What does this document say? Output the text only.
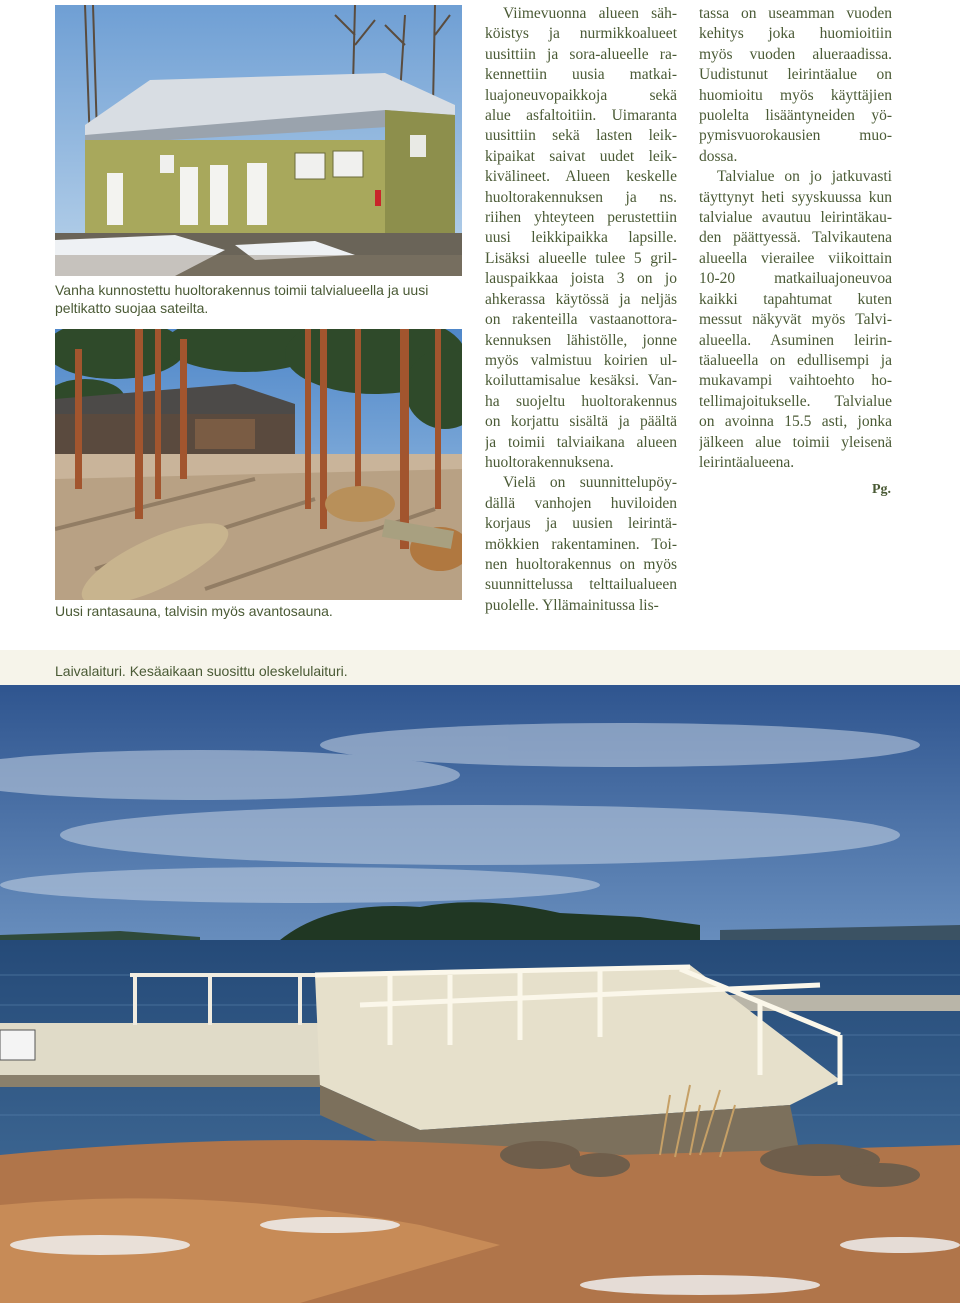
Vanha kunnostettu huoltorakennus toimii talvialueella ja uusi peltikatto suojaa sateilta.
Uusi rantasauna, talvisin myös avantosauna.
Viimevuonna alueen säh-
köistys ja nurmikkoalueet
uusittiin ja sora-alueelle ra-
kennettiin uusia matkai-
luajoneuvopaikkoja sekä
alue asfaltoitiin. Uimaranta
uusittiin sekä lasten leik-
kipaikat saivat uudet leik-
kivälineet. Alueen keskelle
huoltorakennuksen ja ns.
riihen yhteyteen perustettiin
uusi leikkipaikka lapsille.
Lisäksi alueelle tulee 5 gril-
lauspaikkaa joista 3 on jo
ahkerassa käytössä ja neljäs
on rakenteilla vastaanottora-
kennuksen lähistölle, jonne
myös valmistuu koirien ul-
koiluttamisalue kesäksi. Van-
ha suojeltu huoltorakennus
on korjattu sisältä ja päältä
ja toimii talviaikana alueen
huoltorakennuksena.
Vielä on suunnittelupöy-
dällä vanhojen huviloiden
korjaus ja uusien leirintä-
mökkien rakentaminen. Toi-
nen huoltorakennus on myös
suunnittelussa telttailualueen
puolelle. Yllämainitussa lis-
tassa on useamman vuoden
kehitys joka huomioitiin
myös vuoden alueraadissa.
Uudistunut leirintäalue on
huomioitu myös käyttäjien
puolelta lisääntyneiden yö-
pymisvuorokausien muo-
dossa.
Talvialue on jo jatkuvasti
täyttynyt heti syyskuussa kun
talvialue avautuu leirintäkau-
den päättyessä. Talvikautena
alueella vierailee viikoittain
10-20 matkailuajoneuvoa
kaikki tapahtumat kuten
messut näkyvät myös Talvi-
alueella. Asuminen leirin-
täalueella on edullisempi ja
mukavampi vaihtoehto ho-
tellimajoitukselle. Talvialue
on avoinna 15.5 asti, jonka
jälkeen alue toimii yleisenä
leirintäalueena.
Pg.
Laivalaituri. Kesäaikaan suosittu oleskelulaituri.
